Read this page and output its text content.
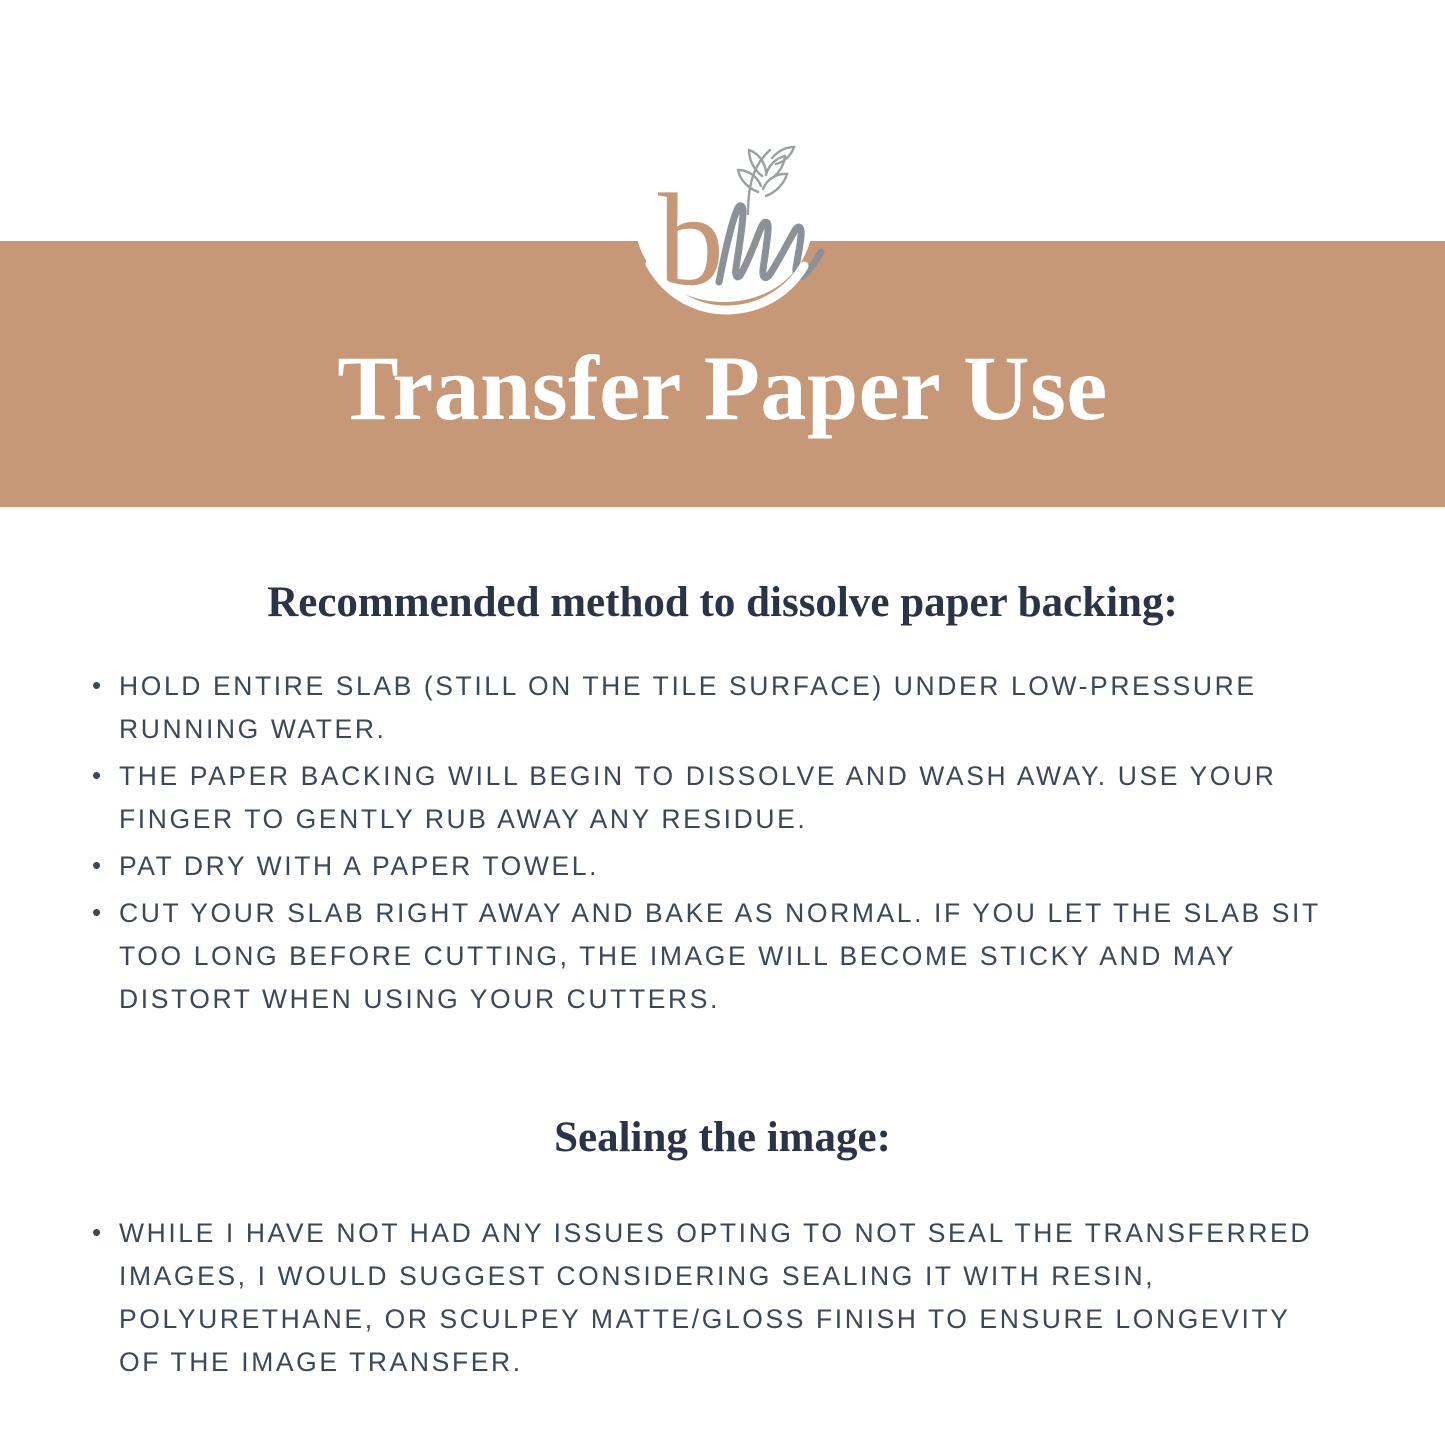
b
Transfer Paper Use
Recommended method to dissolve paper backing:
• HOLD ENTIRE SLAB (STILL ON THE TILE SURFACE) UNDER LOW-PRESSURE RUNNING WATER.
• THE PAPER BACKING WILL BEGIN TO DISSOLVE AND WASH AWAY. USE YOUR FINGER TO GENTLY RUB AWAY ANY RESIDUE.
• PAT DRY WITH A PAPER TOWEL.
• CUT YOUR SLAB RIGHT AWAY AND BAKE AS NORMAL. IF YOU LET THE SLAB SIT TOO LONG BEFORE CUTTING, THE IMAGE WILL BECOME STICKY AND MAY DISTORT WHEN USING YOUR CUTTERS.
Sealing the image:
• WHILE I HAVE NOT HAD ANY ISSUES OPTING TO NOT SEAL THE TRANSFERRED IMAGES, I WOULD SUGGEST CONSIDERING SEALING IT WITH RESIN, POLYURETHANE, OR SCULPEY MATTE/GLOSS FINISH TO ENSURE LONGEVITY OF THE IMAGE TRANSFER.
